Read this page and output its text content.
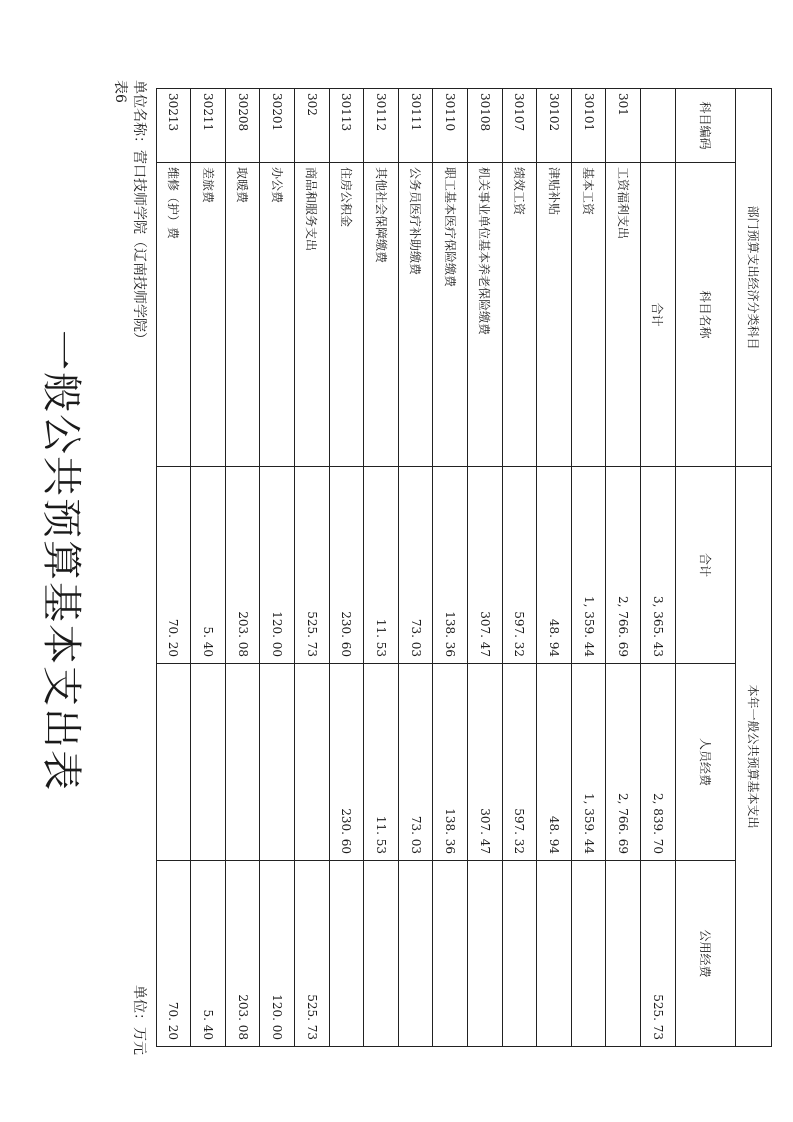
表6 单位名称：营口技师学院（辽南技师学院）
单位：万元
一般公共预算基本支出表
部门预算支出经济分类科目		本年一般公共预算基本支出		
科目编码	科目名称	合计	人员经费	公用经费
	合计	3, 365. 43	2, 839. 70	525. 73
301	工资福利支出	2, 766. 69	2, 766. 69	
30101	基本工资	1, 359. 44	1, 359. 44	
30102	津贴补贴	48. 94	48. 94	
30107	绩效工资	597. 32	597. 32	
30108	机关事业单位基本养老保险缴费	307. 47	307. 47	
30110	职工基本医疗保险缴费	138. 36	138. 36	
30111	公务员医疗补助缴费	73. 03	73. 03	
30112	其他社会保障缴费	11. 53	11. 53	
30113	住房公积金	230. 60	230. 60	
302	商品和服务支出	525. 73		525. 73
30201	办公费	120. 00		120. 00
30208	取暖费	203. 08		203. 08
30211	差旅费	5. 40		5. 40
30213	维修（护）费	70. 20		70. 20
